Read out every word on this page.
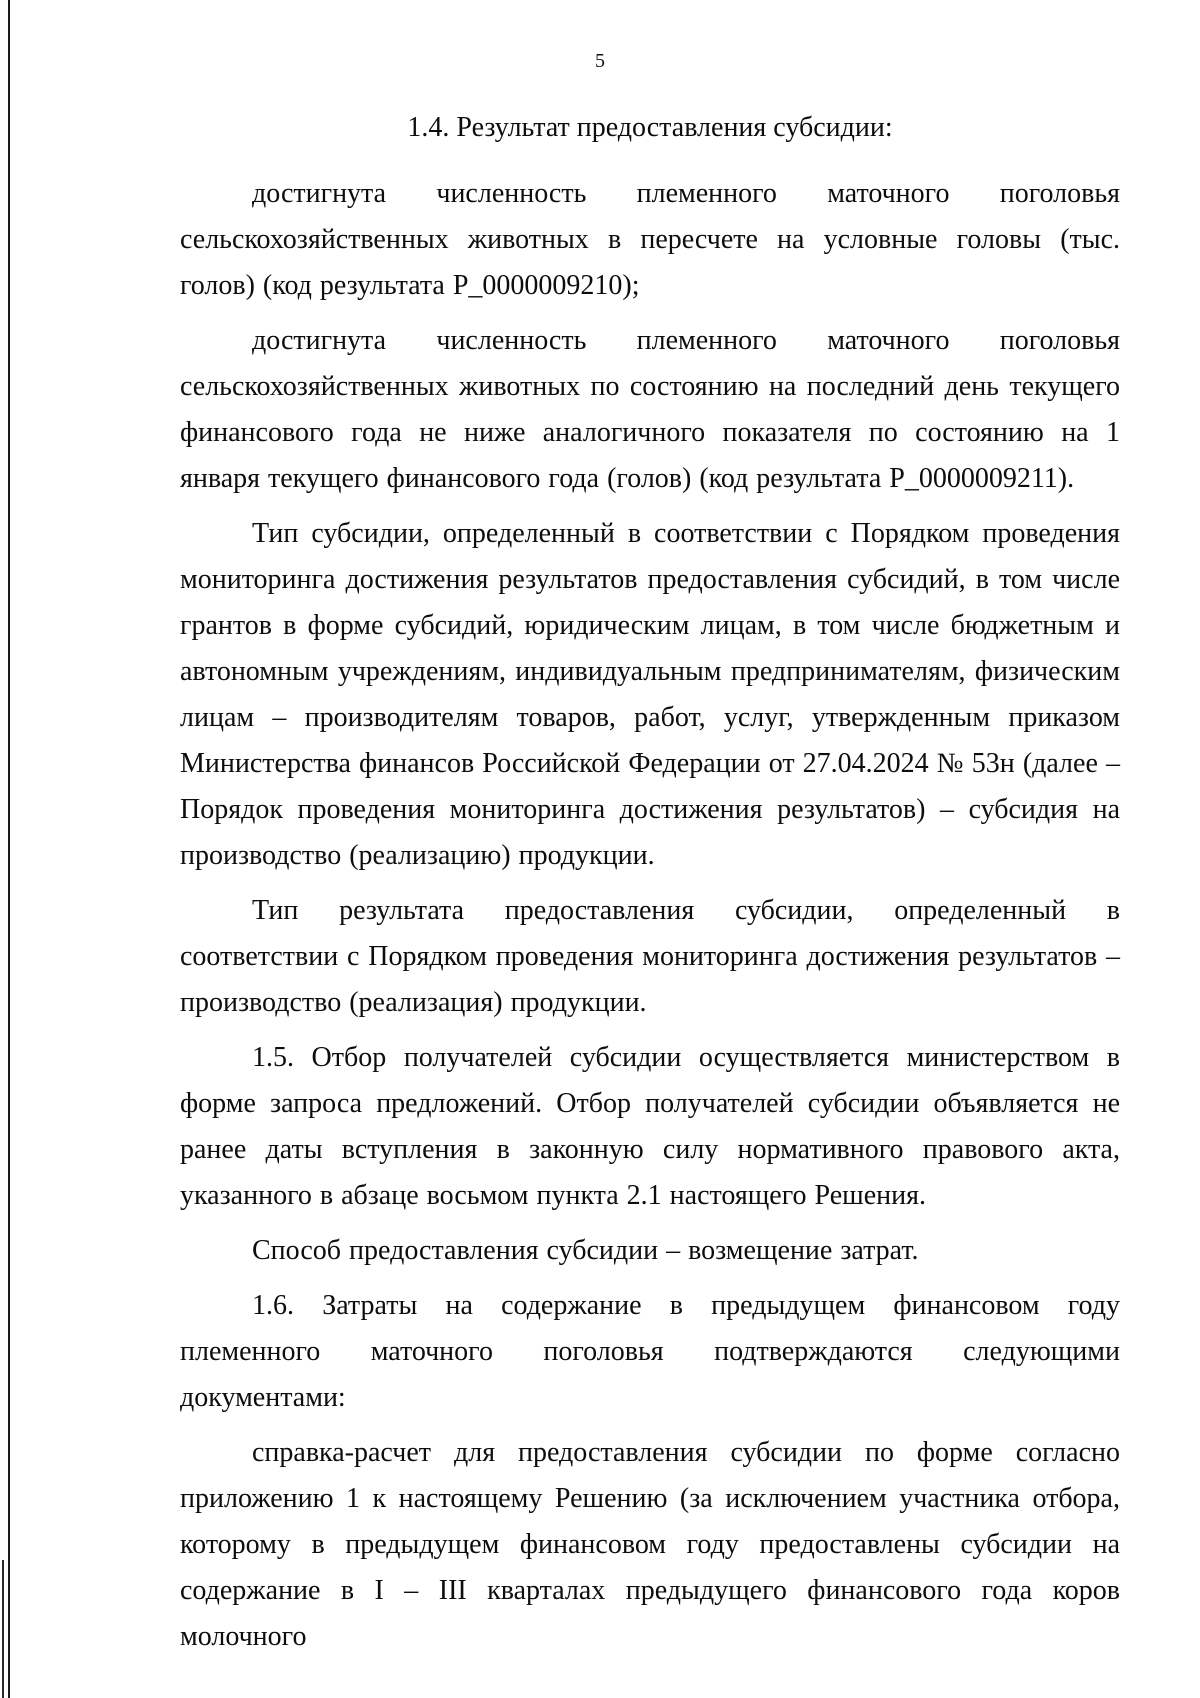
5
1.4. Результат предоставления субсидии:

достигнута численность племенного маточного поголовья сельскохозяйственных животных в пересчете на условные головы (тыс. голов) (код результата Р_0000009210);

достигнута численность племенного маточного поголовья сельскохозяйственных животных по состоянию на последний день текущего финансового года не ниже аналогичного показателя по состоянию на 1 января текущего финансового года (голов) (код результата Р_0000009211).

Тип субсидии, определенный в соответствии с Порядком проведения мониторинга достижения результатов предоставления субсидий, в том числе грантов в форме субсидий, юридическим лицам, в том числе бюджетным и автономным учреждениям, индивидуальным предпринимателям, физическим лицам – производителям товаров, работ, услуг, утвержденным приказом Министерства финансов Российской Федерации от 27.04.2024 № 53н (далее – Порядок проведения мониторинга достижения результатов) – субсидия на производство (реализацию) продукции.

Тип результата предоставления субсидии, определенный в соответствии с Порядком проведения мониторинга достижения результатов – производство (реализация) продукции.

1.5. Отбор получателей субсидии осуществляется министерством в форме запроса предложений. Отбор получателей субсидии объявляется не ранее даты вступления в законную силу нормативного правового акта, указанного в абзаце восьмом пункта 2.1 настоящего Решения.

Способ предоставления субсидии – возмещение затрат.

1.6. Затраты на содержание в предыдущем финансовом году племенного маточного поголовья подтверждаются следующими документами:

справка-расчет для предоставления субсидии по форме согласно приложению 1 к настоящему Решению (за исключением участника отбора, которому в предыдущем финансовом году предоставлены субсидии на содержание в I – III кварталах предыдущего финансового года коров молочного
